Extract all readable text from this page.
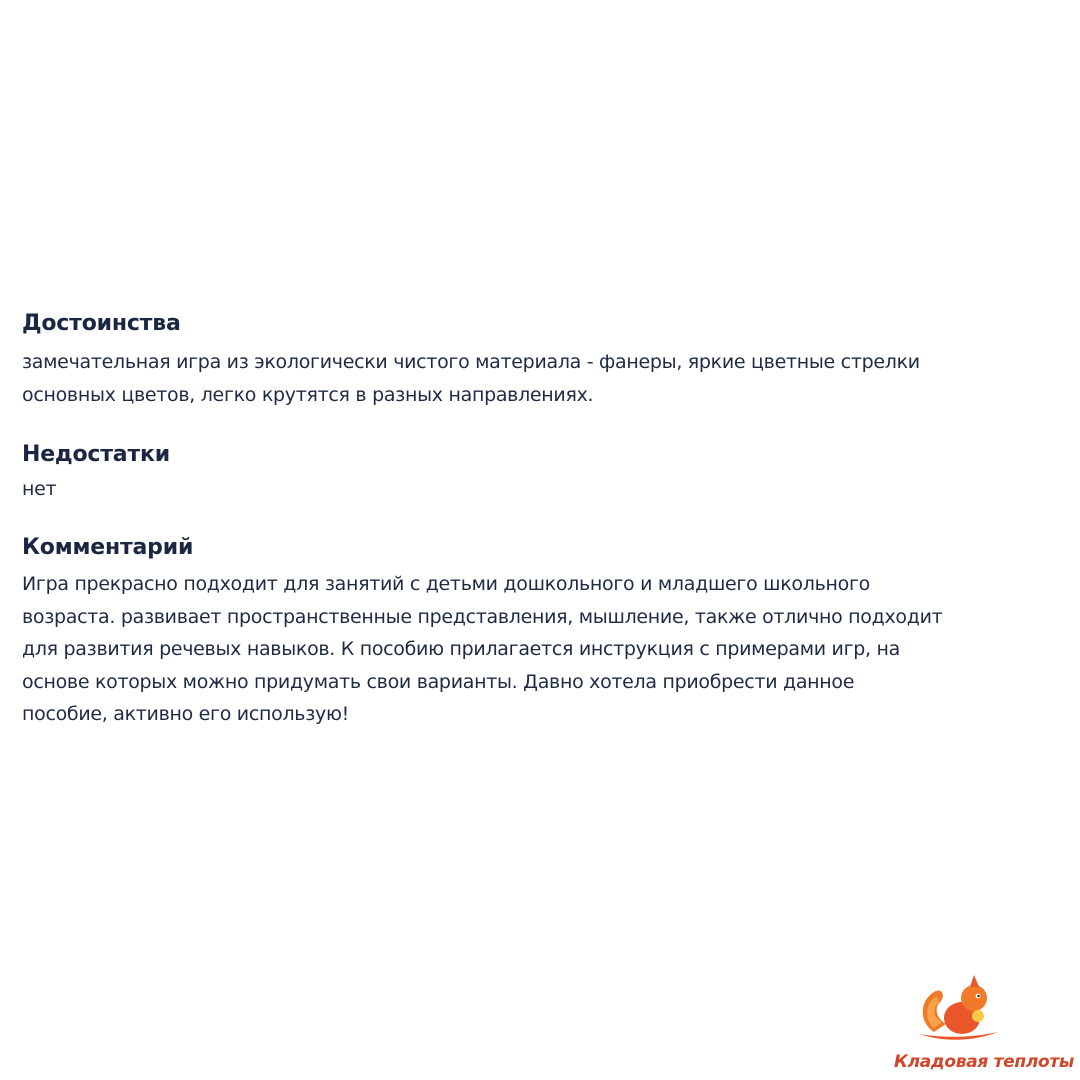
Достоинства

замечательная игра из экологически чистого материала - фанеры, яркие цветные стрелки
основных цветов, легко крутятся в разных направлениях.

Недостатки

нет

Комментарий

Игра прекрасно подходит для занятий с детьми дошкольного и младшего школьного
возраста. развивает пространственные представления, мышление, также отлично подходит
для развития речевых навыков. К пособию прилагается инструкция с примерами игр, на
основе которых можно придумать свои варианты. Давно хотела приобрести данное
пособие, активно его использую!

Кладовая теплоты
